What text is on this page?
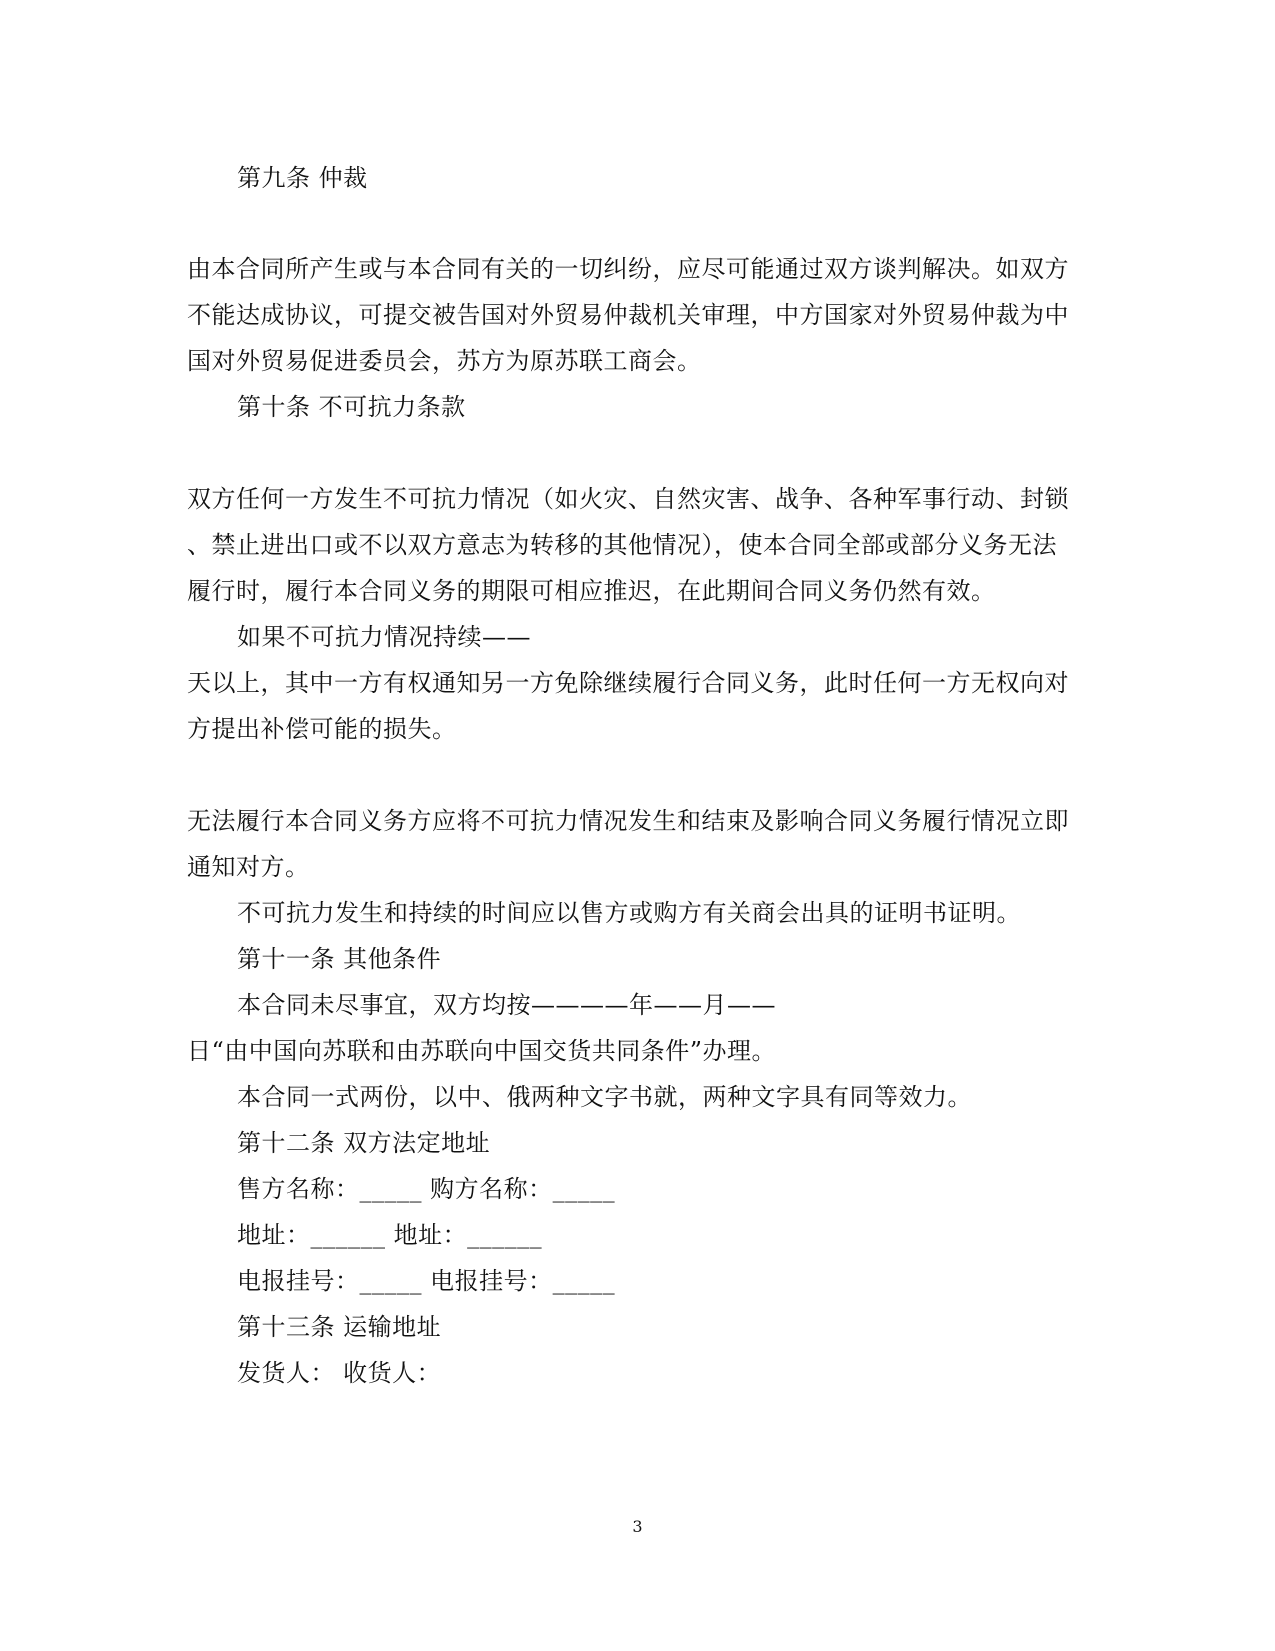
第九条 仲裁
由本合同所产生或与本合同有关的一切纠纷，应尽可能通过双方谈判解决。如双方
不能达成协议，可提交被告国对外贸易仲裁机关审理，中方国家对外贸易仲裁为中
国对外贸易促进委员会，苏方为原苏联工商会。
第十条 不可抗力条款
双方任何一方发生不可抗力情况（如火灾、自然灾害、战争、各种军事行动、封锁
、禁止进出口或不以双方意志为转移的其他情况），使本合同全部或部分义务无法
履行时，履行本合同义务的期限可相应推迟，在此期间合同义务仍然有效。
如果不可抗力情况持续——
天以上，其中一方有权通知另一方免除继续履行合同义务，此时任何一方无权向对
方提出补偿可能的损失。
无法履行本合同义务方应将不可抗力情况发生和结束及影响合同义务履行情况立即
通知对方。
不可抗力发生和持续的时间应以售方或购方有关商会出具的证明书证明。
第十一条 其他条件
本合同未尽事宜，双方均按————年——月——
日“由中国向苏联和由苏联向中国交货共同条件”办理。
本合同一式两份，以中、俄两种文字书就，两种文字具有同等效力。
第十二条 双方法定地址
售方名称：_____ 购方名称：_____
地址：______ 地址：______
电报挂号：_____ 电报挂号：_____
第十三条 运输地址
发货人： 收货人：
3
